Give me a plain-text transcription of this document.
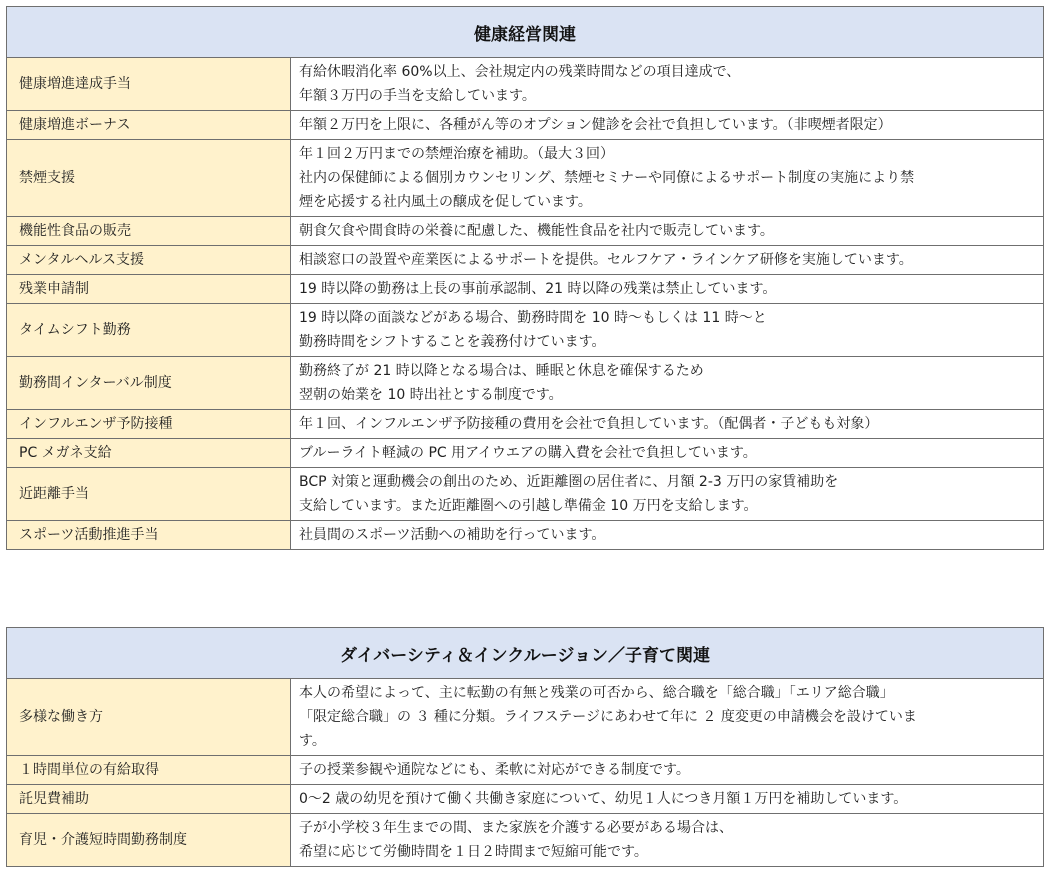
健康経営関連
健康増進達成手当	有給休暇消化率 60%以上、会社規定内の残業時間などの項目達成で、
年額３万円の手当を支給しています。

健康増進ボーナス	年額２万円を上限に、各種がん等のオプション健診を会社で負担しています。（非喫煙者限定）

禁煙支援	年１回２万円までの禁煙治療を補助。（最大３回）
社内の保健師による個別カウンセリング、禁煙セミナーや同僚によるサポート制度の実施により禁
煙を応援する社内風土の醸成を促しています。

機能性食品の販売	朝食欠食や間食時の栄養に配慮した、機能性食品を社内で販売しています。

メンタルヘルス支援	相談窓口の設置や産業医によるサポートを提供。セルフケア・ラインケア研修を実施しています。

残業申請制	19 時以降の勤務は上長の事前承認制、21 時以降の残業は禁止しています。

タイムシフト勤務	19 時以降の面談などがある場合、勤務時間を 10 時～もしくは 11 時～と
勤務時間をシフトすることを義務付けています。

勤務間インターバル制度	勤務終了が 21 時以降となる場合は、睡眠と休息を確保するため
翌朝の始業を 10 時出社とする制度です。

インフルエンザ予防接種	年１回、インフルエンザ予防接種の費用を会社で負担しています。（配偶者・子どもも対象）

PC メガネ支給	ブルーライト軽減の PC 用アイウエアの購入費を会社で負担しています。

近距離手当	BCP 対策と運動機会の創出のため、近距離圏の居住者に、月額 2-3 万円の家賃補助を
支給しています。また近距離圏への引越し準備金 10 万円を支給します。

スポーツ活動推進手当	社員間のスポーツ活動への補助を行っています。
ダイバーシティ＆インクルージョン／子育て関連
多様な働き方	本人の希望によって、主に転勤の有無と残業の可否から、総合職を「総合職」「エリア総合職」
「限定総合職」の ３ 種に分類。ライフステージにあわせて年に ２ 度変更の申請機会を設けていま
す。

１時間単位の有給取得	子の授業参観や通院などにも、柔軟に対応ができる制度です。

託児費補助	0～2 歳の幼児を預けて働く共働き家庭について、幼児１人につき月額１万円を補助しています。

育児・介護短時間勤務制度	子が小学校３年生までの間、また家族を介護する必要がある場合は、
希望に応じて労働時間を１日２時間まで短縮可能です。
